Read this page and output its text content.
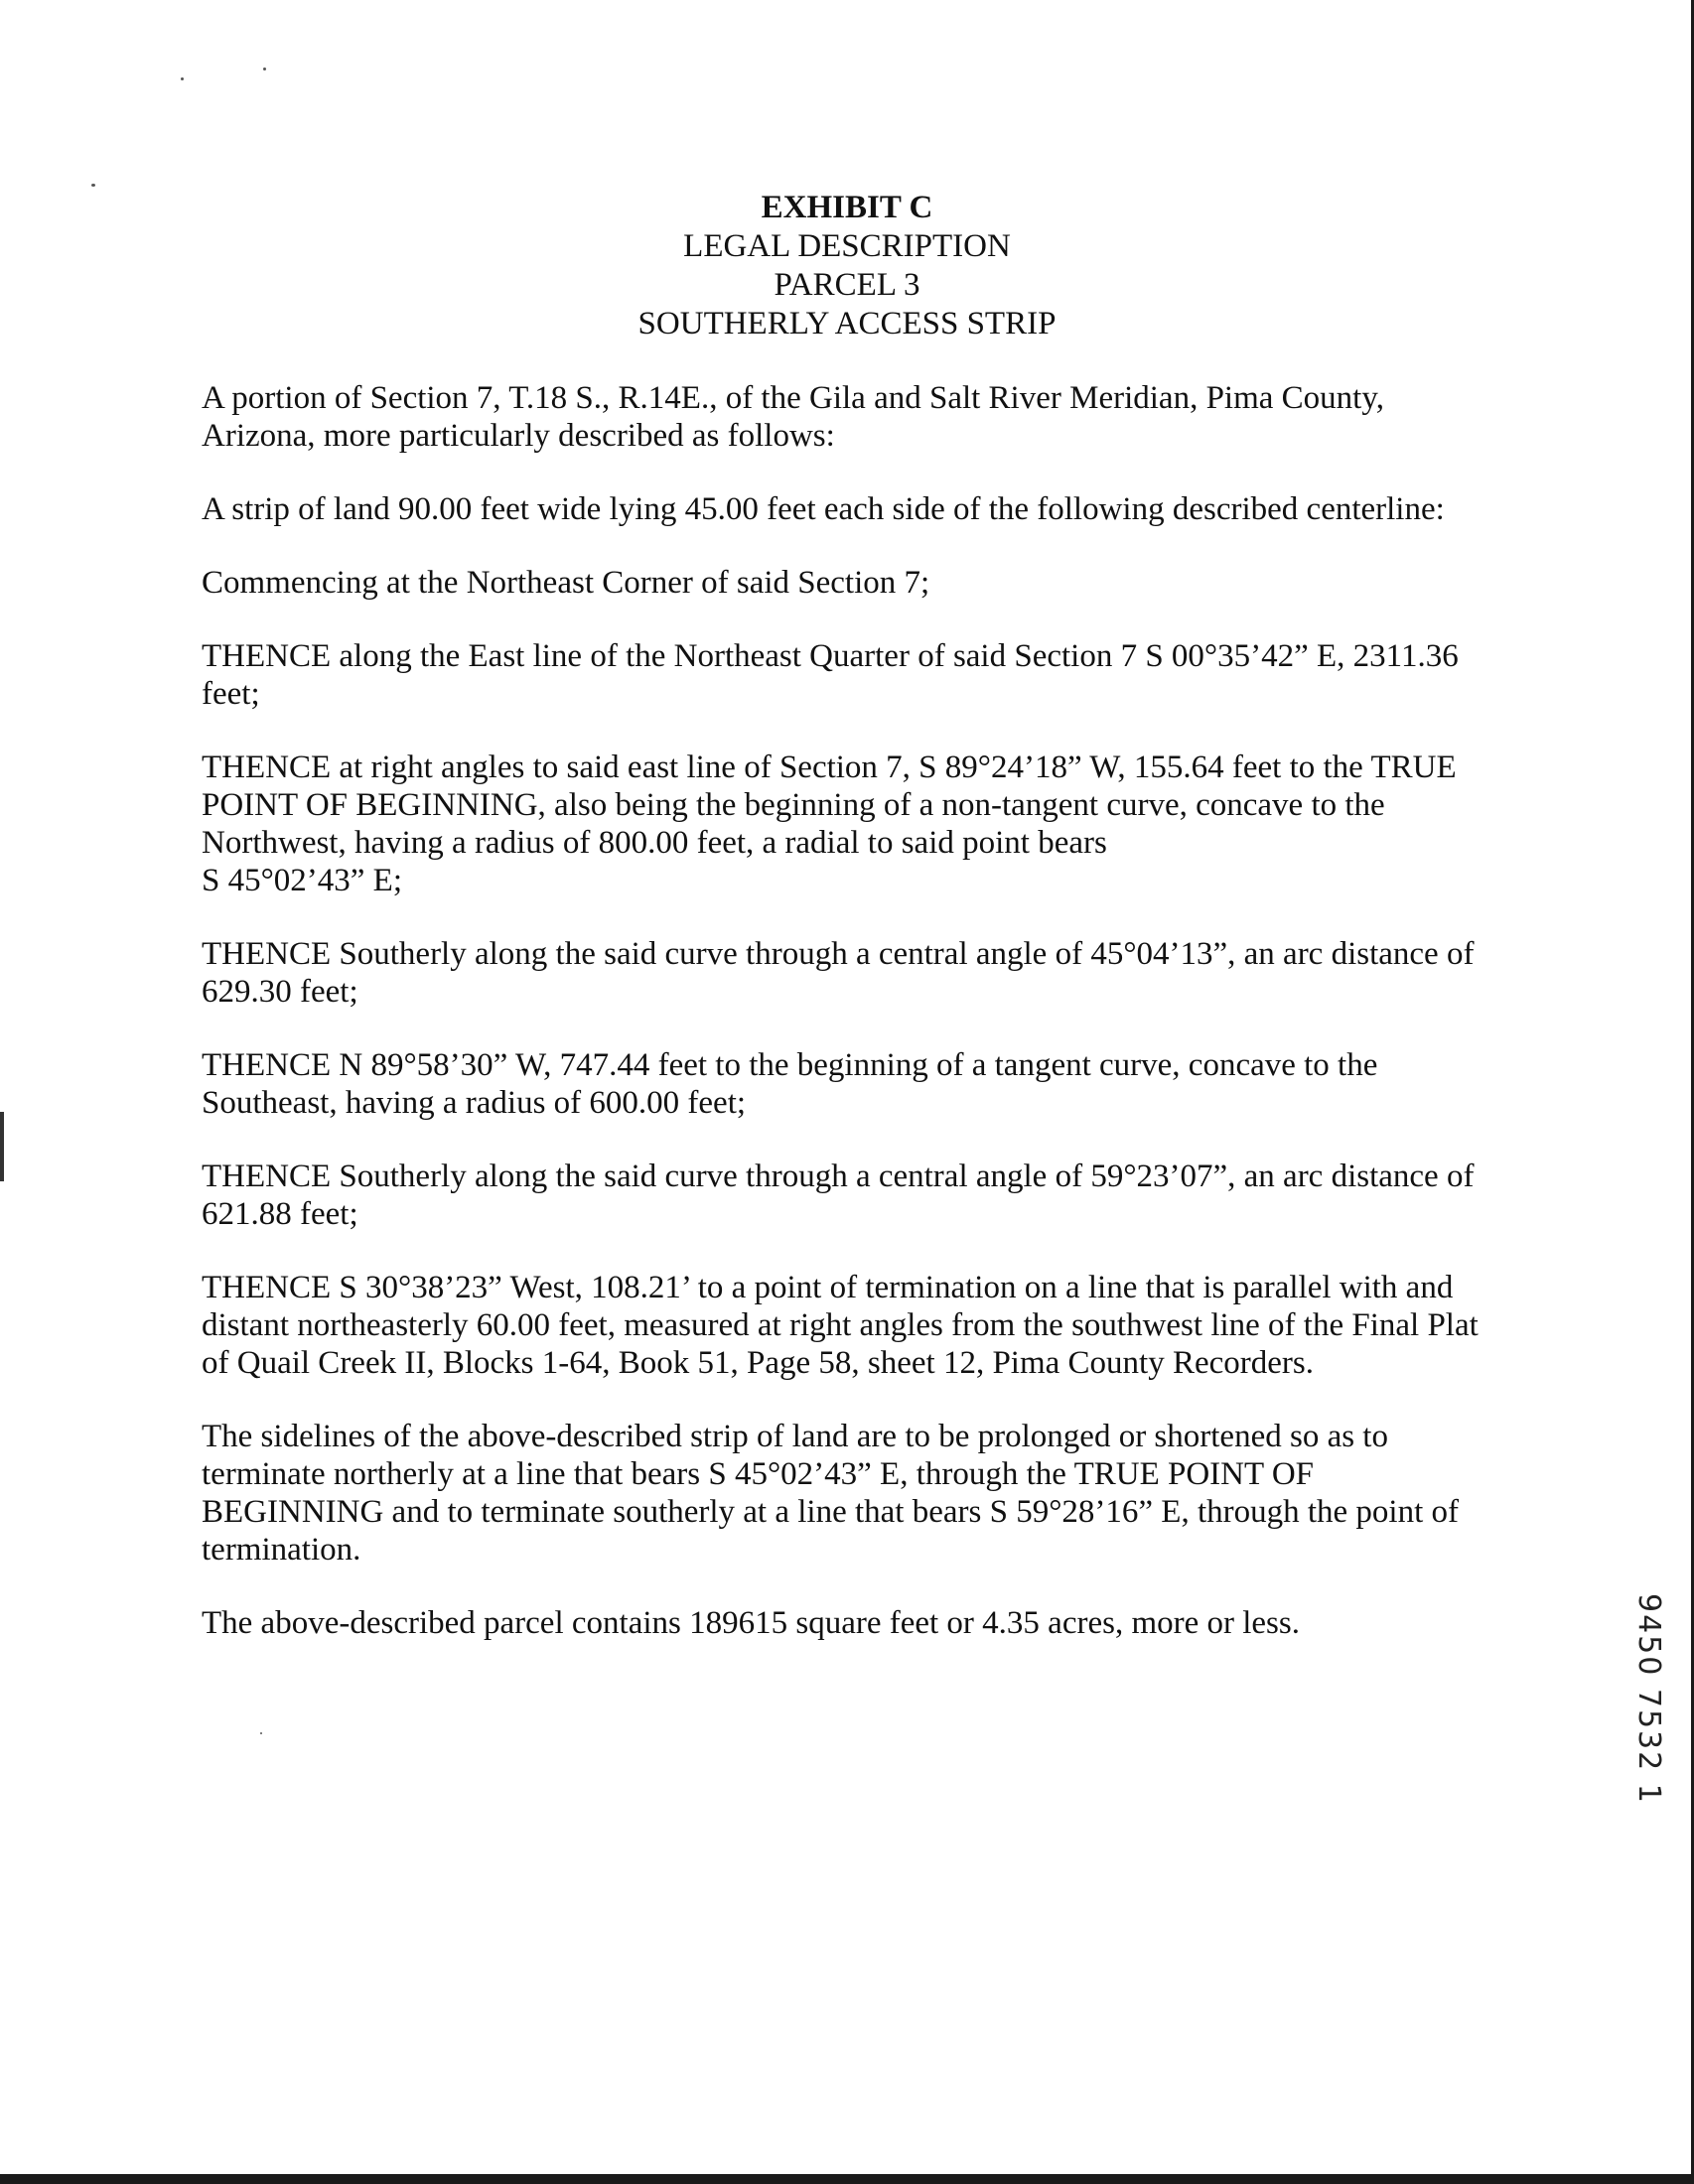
EXHIBIT C
LEGAL DESCRIPTION
PARCEL 3
SOUTHERLY ACCESS STRIP

A portion of Section 7, T.18 S., R.14E., of the Gila and Salt River Meridian, Pima County,
Arizona, more particularly described as follows:

A strip of land 90.00 feet wide lying 45.00 feet each side of the following described centerline:

Commencing at the Northeast Corner of said Section 7;

THENCE along the East line of the Northeast Quarter of said Section 7 S 00°35’42” E, 2311.36
feet;

THENCE at right angles to said east line of Section 7, S 89°24’18” W, 155.64 feet to the TRUE
POINT OF BEGINNING, also being the beginning of a non-tangent curve, concave to the
Northwest, having a radius of 800.00 feet, a radial to said point bears
S 45°02’43” E;

THENCE Southerly along the said curve through a central angle of 45°04’13”, an arc distance of
629.30 feet;

THENCE N 89°58’30” W, 747.44 feet to the beginning of a tangent curve, concave to the
Southeast, having a radius of 600.00 feet;

THENCE Southerly along the said curve through a central angle of 59°23’07”, an arc distance of
621.88 feet;

THENCE S 30°38’23” West, 108.21’ to a point of termination on a line that is parallel with and
distant northeasterly 60.00 feet, measured at right angles from the southwest line of the Final Plat
of Quail Creek II, Blocks 1-64, Book 51, Page 58, sheet 12, Pima County Recorders.

The sidelines of the above-described strip of land are to be prolonged or shortened so as to
terminate northerly at a line that bears S 45°02’43” E, through the TRUE POINT OF
BEGINNING and to terminate southerly at a line that bears S 59°28’16” E, through the point of
termination.

The above-described parcel contains 189615 square feet or 4.35 acres, more or less.	9450 7532 1
